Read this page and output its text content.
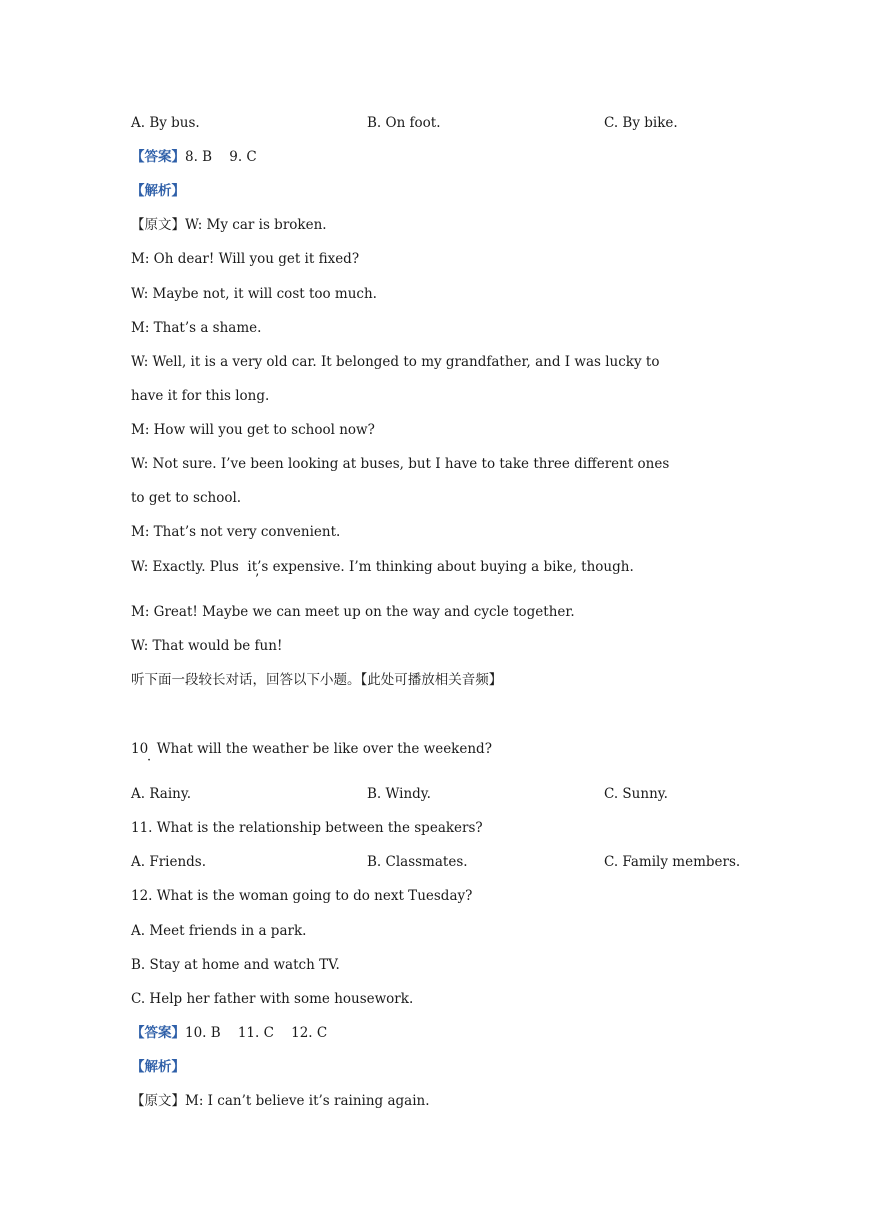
A. By bus.	B. On foot.	C. By bike.
【答案】8. B    9. C
【解析】
【原文】W: My car is broken.
M: Oh dear! Will you get it fixed?
W: Maybe not, it will cost too much.
M: That’s a shame.
W: Well, it is a very old car. It belonged to my grandfather, and I was lucky to
have it for this long.
M: How will you get to school now?
W: Not sure. I’ve been looking at buses, but I have to take three different ones
to get to school.
M: That’s not very convenient.
W: Exactly. Plus  it’s expensive. I’m thinking about buying a bike, though.
’
M: Great! Maybe we can meet up on the way and cycle together.
W: That would be fun!
听下面一段较长对话，回答以下小题。【此处可播放相关音频】
10  What will the weather be like over the weekend?
·
A. Rainy.	B. Windy.	C. Sunny.
11. What is the relationship between the speakers?
A. Friends.	B. Classmates.	C. Family members.
12. What is the woman going to do next Tuesday?
A. Meet friends in a park.
B. Stay at home and watch TV.
C. Help her father with some housework.
【答案】10. B    11. C    12. C
【解析】
【原文】M: I can’t believe it’s raining again.
